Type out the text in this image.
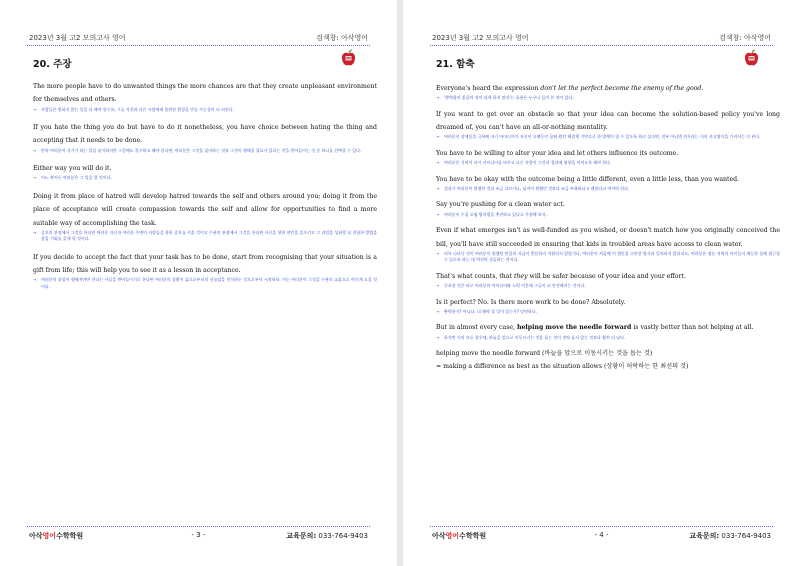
2023년 3월 고2 모의고사 영어	검색창: 아삭영어
20. 주장

The more people have to do unwanted things the more chances are that they create unpleasant environment for themselves and others.

→ 사람들은 원하지 않는 일을 더 해야 할수록, 그들 자신과 다른 사람에게 불편한 환경을 만들 가능성이 더 커진다.

If you hate the thing you do but have to do it nonetheless, you have choice between hating the thing and accepting that it needs to be done.

→ 만약 여러분이 자기가 하는 일을 싫어하지만 그럼에도 불구하고 해야 한다면, 여러분은 그것을 싫어하는 것과 그것이 행해질 필요가 있다는 것을 받아들이는 것 중 하나를 선택할 수 있다.

Either way you will do it.

→ 어느 쪽이든 여러분은 그 일을 할 것이다.

Doing it from place of hatred will develop hatred towards the self and others around you; doing it from the place of acceptance will create compassion towards the self and allow for opportunities to find a more suitable way of accomplishing the task.

→ 증오의 관점에서 그것을 한다면 여러분 자신과 여러분 주변의 사람들을 향한 증오를 키울 것이고 수용의 관점에서 그것을 한다면 자신을 향한 연민을 일으키고 그 과업을 성취할 더 적합한 방법을 찾을 기회를 갖게 될 것이다.

If you decide to accept the fact that your task has to be done, start from recognising that your situation is a gift from life; this will help you to see it as a lesson in acceptance.

→ 여러분의 과업이 행해져야만 한다는 사실을 받아들이기로 한다면 여러분의 상황이 삶으로부터의 선물임을 인식하는 것으로부터 시작하라. 이는 여러분이 그것을 수용의 교훈으로 여기게 도울 것이다.
아삭영어수학학원	- 3 -	교육문의: 033-764-9403
2023년 3월 고2 모의고사 영어	검색창: 아삭영어
21. 함축

Everyone's heard the expression don't let the perfect become the enemy of the good.

→ '완벽함이 좋음의 적이 되게 하지 말라'는 표현은 누구나 들어 본 적이 있다.

If you want to get over an obstacle so that your idea can become the solution-based policy you've long dreamed of, you can't have an all-or-nothing mentality.

→ 여러분이 장애물을 극복해 자기 아이디어가 자신이 오랫동안 꿈꿔 왔던 해결책 기반으로 한 방책이 될 수 있도록 하고 싶다면, 전부 아니면 전무라는 식의 사고방식을 가져서는 안 된다.

You have to be willing to alter your idea and let others influence its outcome.

→ 여러분은 기꺼이 자기 아이디어를 바꾸고 다른 사람이 그것의 결과에 영향을 미치도록 해야 한다.

You have to be okay with the outcome being a little different, even a little less, than you wanted.

→ 결과가 여러분이 원했던 것과 조금 다르거나, 심지어 원했던 것보다 조금 부족하다고 괜찮다고 여겨야 한다.

Say you're pushing for a clean water act.

→ 여러분이 수질 오염 방지법을 추진하고 있다고 가정해 보자.

Even if what emerges isn't as well-funded as you wished, or doesn't match how you originally conceived the bill, you'll have still succeeded in ensuring that kids in troubled areas have access to clean water.

→ 비록 나타난 것이 여러분이 원했던 만큼의 자금이 충분하지 지원되지 않았거나, 여러분이 처음에 이 법안을 고안한 방식과 일치하지 않더라도, 여러분은 정든 지역의 아이들이 깨끗한 물에 접근할 수 있도록 하는 데 여전히 성공하는 것이다.

That's what counts, that they will be safer because of your idea and your effort.

→ 중요한 것은 바로 여러분의 아이디어와 노력 덕분에 그들이 더 안전해지는 것이다.

Is it perfect? No. Is there more work to be done? Absolutely.

→ 완벽한가? 아니다. 더 해야 할 일이 있는가? 당연하다.

But in almost every case, helping move the needle forward is vastly better than not helping at all.

→ 하지만 거의 모든 경우에, 바늘을 앞으로 이동시키는 것을 돕는 것이 전혀 돕지 않는 것보다 훨씬 더 낫다.

helping move the needle forward (바늘을 앞으로 이동시키는 것을 돕는 것)

= making a difference as best as the situation allows (상황이 허락하는 한 최선의 것)

아삭영어수학학원	- 4 -	교육문의: 033-764-9403
